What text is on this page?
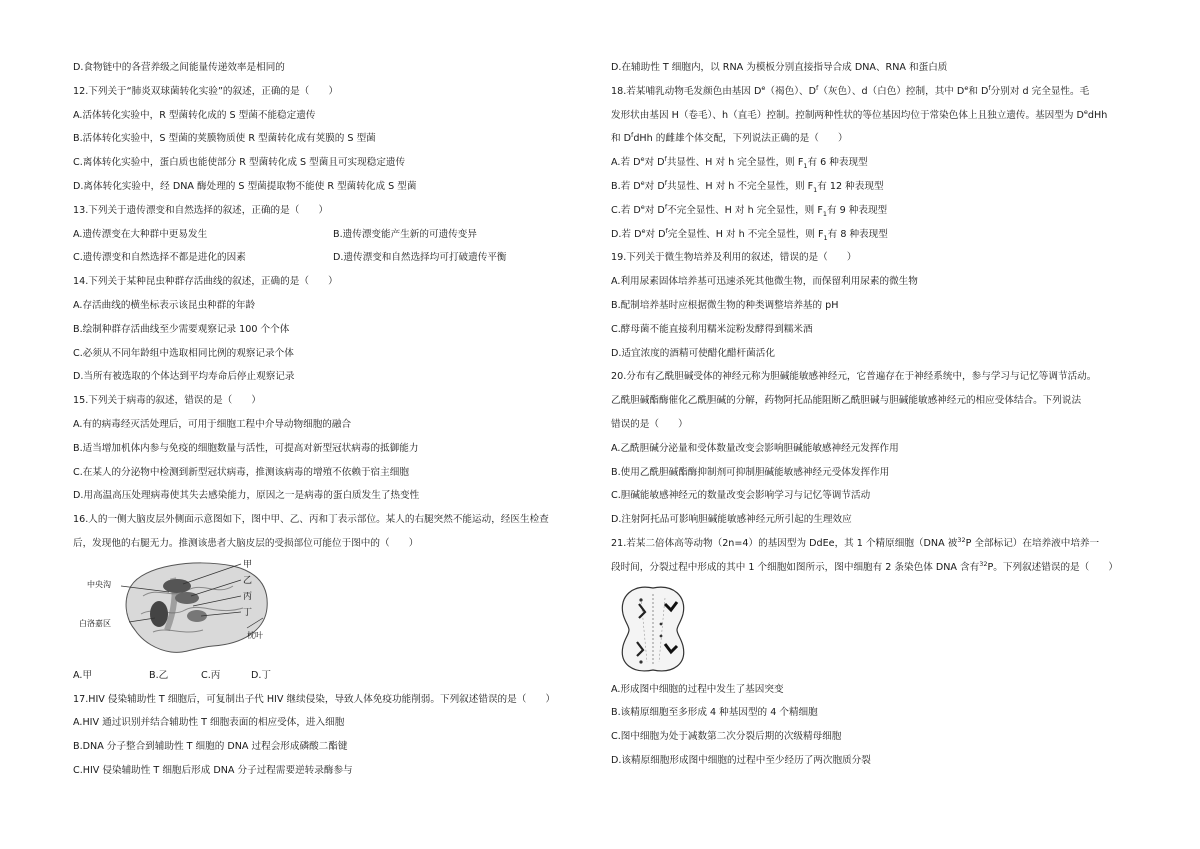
D.食物链中的各营养级之间能量传递效率是相同的
12.下列关于“肺炎双球菌转化实验”的叙述，正确的是（　　）
A.活体转化实验中，R 型菌转化成的 S 型菌不能稳定遗传
B.活体转化实验中，S 型菌的荚膜物质使 R 型菌转化成有荚膜的 S 型菌
C.离体转化实验中，蛋白质也能使部分 R 型菌转化成 S 型菌且可实现稳定遗传
D.离体转化实验中，经 DNA 酶处理的 S 型菌提取物不能使 R 型菌转化成 S 型菌
13.下列关于遗传漂变和自然选择的叙述，正确的是（　　）
A.遗传漂变在大种群中更易发生	B.遗传漂变能产生新的可遗传变异
C.遗传漂变和自然选择不都是进化的因素	D.遗传漂变和自然选择均可打破遗传平衡
14.下列关于某种昆虫种群存活曲线的叙述，正确的是（　　）
A.存活曲线的横坐标表示该昆虫种群的年龄
B.绘制种群存活曲线至少需要观察记录 100 个个体
C.必须从不同年龄组中选取相同比例的观察记录个体
D.当所有被选取的个体达到平均寿命后停止观察记录
15.下列关于病毒的叙述，错误的是（　　）
A.有的病毒经灭活处理后，可用于细胞工程中介导动物细胞的融合
B.适当增加机体内参与免疫的细胞数量与活性，可提高对新型冠状病毒的抵御能力
C.在某人的分泌物中检测到新型冠状病毒，推测该病毒的增殖不依赖于宿主细胞
D.用高温高压处理病毒使其失去感染能力，原因之一是病毒的蛋白质发生了热变性
16.人的一侧大脑皮层外侧面示意图如下，图中甲、乙、丙和丁表示部位。某人的右腿突然不能运动，经医生检查
后，发现他的右腿无力。推测该患者大脑皮层的受损部位可能位于图中的（　　）
甲
乙
丙
丁
中央沟
白洛嘉区
枕叶
A.甲	B.乙	C.丙	D.丁
17.HIV 侵染辅助性 T 细胞后，可复制出子代 HIV 继续侵染，导致人体免疫功能削弱。下列叙述错误的是（　　）
A.HIV 通过识别并结合辅助性 T 细胞表面的相应受体，进入细胞
B.DNA 分子整合到辅助性 T 细胞的 DNA 过程会形成磷酸二酯键
C.HIV 侵染辅助性 T 细胞后形成 DNA 分子过程需要逆转录酶参与
D.在辅助性 T 细胞内，以 RNA 为模板分别直接指导合成 DNA、RNA 和蛋白质
18.若某哺乳动物毛发颜色由基因 De（褐色）、$D^f$（灰色）、d（白色）控制，其中 De和 $D^f$分别对 d 完全显性。毛
发形状由基因 H（卷毛）、h（直毛）控制。控制两种性状的等位基因均位于常染色体上且独立遗传。基因型为 DedHh
和 $D^fdHh$ 的雌雄个体交配，下列说法正确的是（　　）
A.若 De对 $D^f$共显性、H 对 h 完全显性，则 $F_1$有 6 种表现型
B.若 De对 $D^f$共显性、H 对 h 不完全显性，则 $F_1$有 12 种表现型
C.若 De对 $D^f$不完全显性、H 对 h 完全显性，则 $F_1$有 9 种表现型
D.若 De对 $D^f$完全显性、H 对 h 不完全显性，则 $F_1$有 8 种表现型
19.下列关于微生物培养及利用的叙述，错误的是（　　）
A.利用尿素固体培养基可迅速杀死其他微生物，而保留利用尿素的微生物
B.配制培养基时应根据微生物的种类调整培养基的 pH
C.酵母菌不能直接利用糯米淀粉发酵得到糯米酒
D.适宜浓度的酒精可使醋化醋杆菌活化
20.分布有乙酰胆碱受体的神经元称为胆碱能敏感神经元，它普遍存在于神经系统中，参与学习与记忆等调节活动。
乙酰胆碱酯酶催化乙酰胆碱的分解，药物阿托品能阻断乙酰胆碱与胆碱能敏感神经元的相应受体结合。下列说法
错误的是（　　）
A.乙酰胆碱分泌量和受体数量改变会影响胆碱能敏感神经元发挥作用
B.使用乙酰胆碱酯酶抑制剂可抑制胆碱能敏感神经元受体发挥作用
C.胆碱能敏感神经元的数量改变会影响学习与记忆等调节活动
D.注射阿托品可影响胆碱能敏感神经元所引起的生理效应
21.若某二倍体高等动物（2n=4）的基因型为 DdEe，其 1 个精原细胞（DNA 被$^{32}$P 全部标记）在培养液中培养一
段时间，分裂过程中形成的其中 1 个细胞如图所示，图中细胞有 2 条染色体 DNA 含有$^{32}$P。下列叙述错误的是（　　）
A.形成图中细胞的过程中发生了基因突变
B.该精原细胞至多形成 4 种基因型的 4 个精细胞
C.图中细胞为处于减数第二次分裂后期的次级精母细胞
D.该精原细胞形成图中细胞的过程中至少经历了两次胞质分裂
